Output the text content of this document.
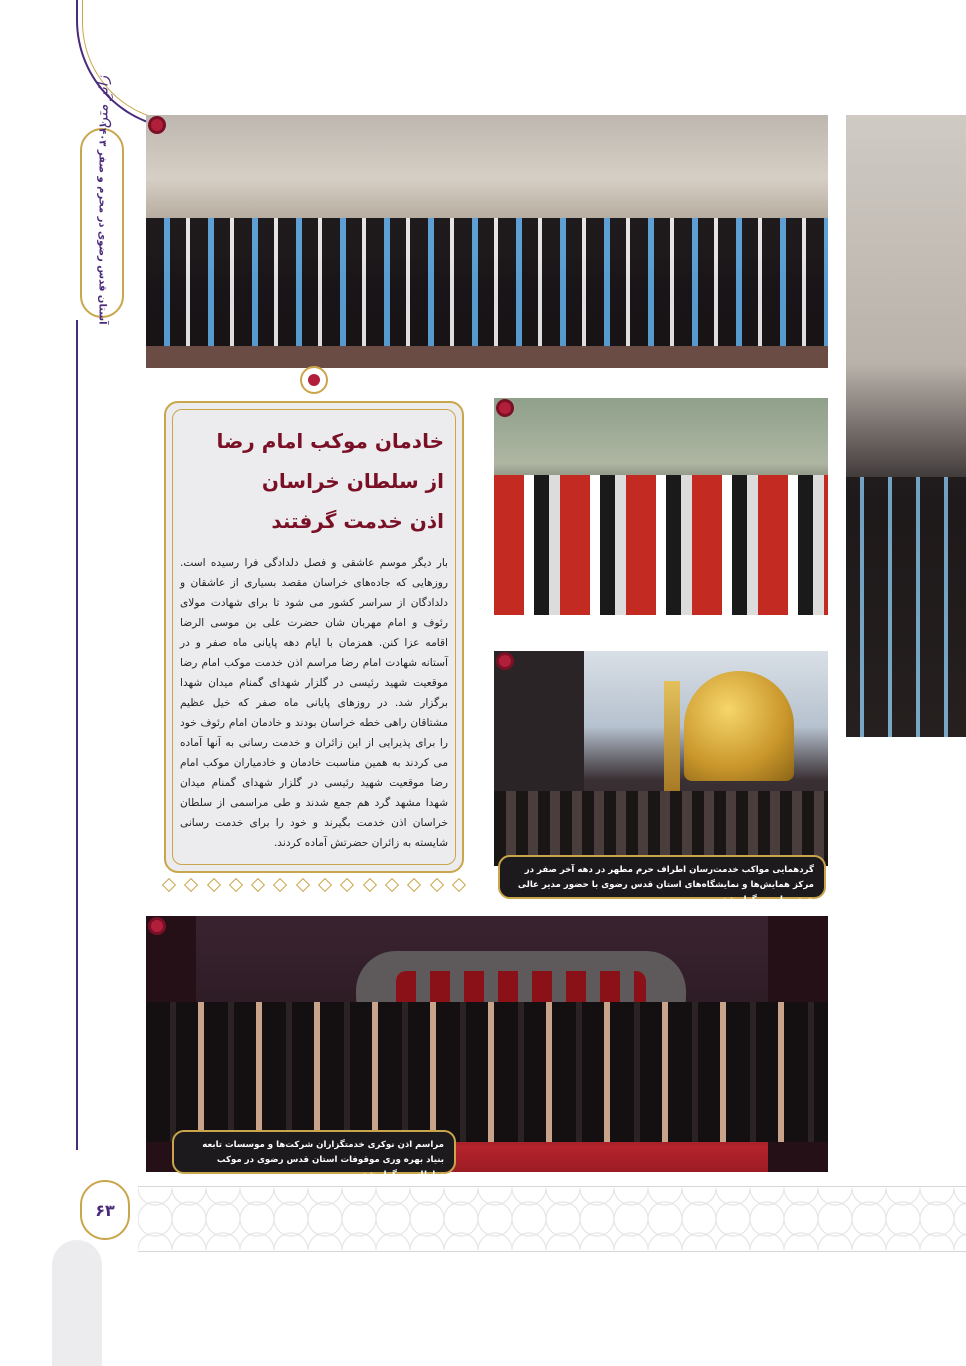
زائرِ متن
آستان قدس رضوی در محرم و صفر ۱۴۰۳
۶۳
خادمان موکب امام رضا
از سلطان خراسان
اذن خدمت گرفتند
بار دیگر موسم عاشقی و فصل دلدادگی فرا رسیده است. روزهایی که جاده‌های خراسان مقصد بسیاری از عاشقان و دلدادگان از سراسر کشور می شود تا برای شهادت مولای رئوف و امام مهربان شان حضرت علی بن موسی الرضا اقامه عزا کنن. همزمان با ایام دهه پایانی ماه صفر و در آستانه شهادت امام رضا مراسم اذن خدمت موکب امام رضا موقعیت شهید رئیسی در گلزار شهدای گمنام میدان شهدا برگزار شد. در روزهای پایانی ماه صفر که خیل عظیم مشتاقان راهی خطه خراسان بودند و خادمان امام رئوف خود را برای پذیرایی از این زائران و خدمت رسانی به آنها آماده می کردند به همین مناسبت خادمان و خادمیاران موکب امام رضا موقعیت شهید رئیسی در گلزار شهدای گمنام میدان شهدا مشهد گرد هم جمع شدند و طی مراسمی از سلطان خراسان اذن خدمت بگیرند و خود را برای خدمت رسانی شایسته به زائران حضرتش آماده کردند.
گردهمایی مواکب خدمت‌رسان اطراف حرم مطهر در دهه آخر صفر در مرکز همایش‌ها و نمایشگاه‌های استان قدس رضوی با حضور مدیر عالی حرم مطهر برگزار شد.
مراسم اذن نوکری خدمتگزاران شرکت‌ها و موسسات تابعه بنیاد بهره وری موقوفات استان قدس رضوی در موکب سلطانی برگزار شد.
